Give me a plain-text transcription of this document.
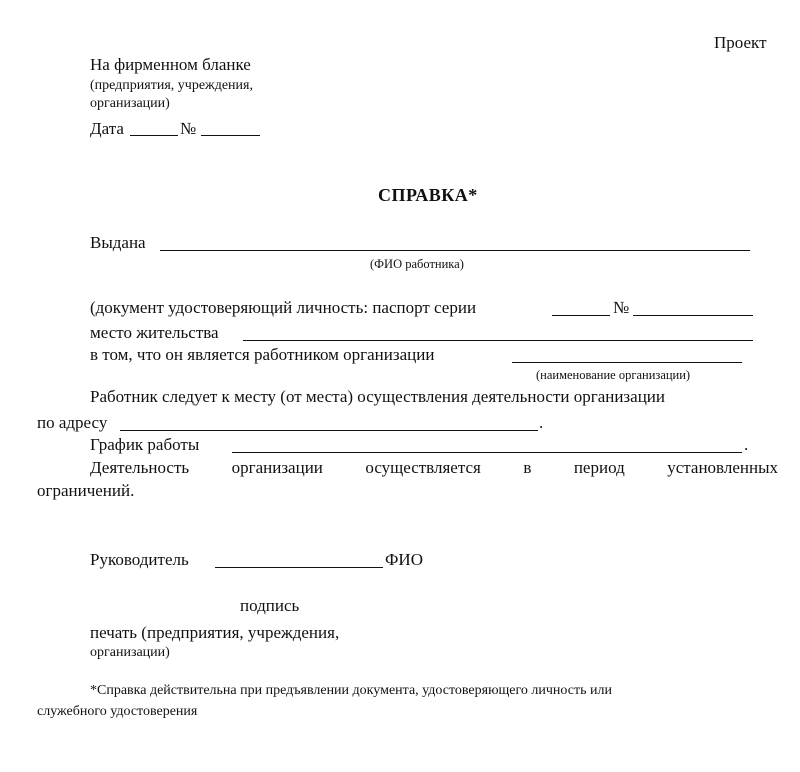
Проект
На фирменном бланке
(предприятия, учреждения,
организации)
Дата	№
СПРАВКА*
Выдана
(ФИО работника)
(документ удостоверяющий личность: паспорт серии	№
место жительства
в том, что он является работником организации
(наименование организации)
Работник следует к месту (от места) осуществления деятельности организации
по адресу	.
График работы	.
Деятельность организации осуществляется в период установленных
ограничений.
Руководитель	ФИО
подпись
печать (предприятия, учреждения,
организации)
*Справка действительна при предъявлении документа, удостоверяющего личность или
служебного удостоверения
